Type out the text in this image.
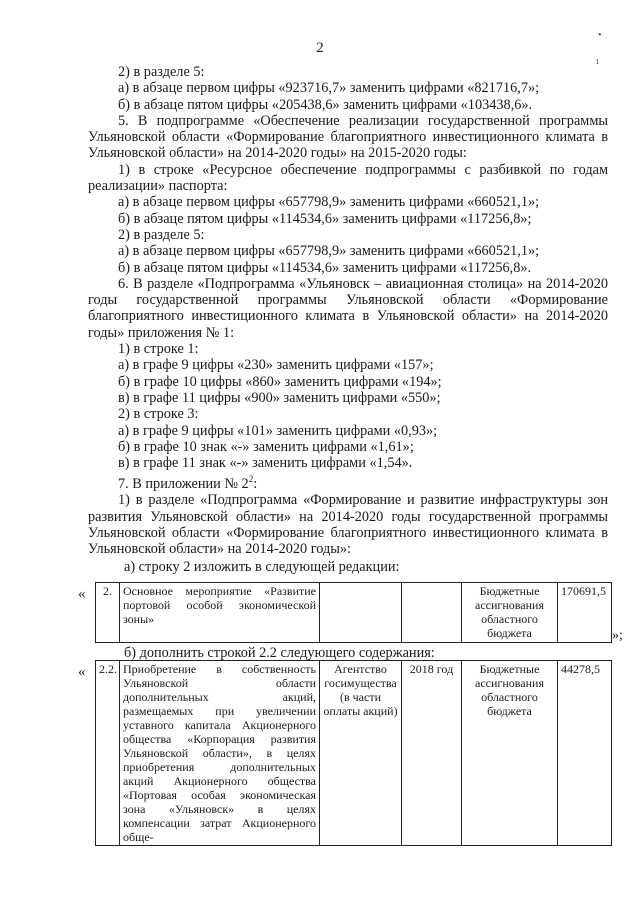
2
•
ı
2) в разделе 5:
а) в абзаце первом цифры «923716,7» заменить цифрами «821716,7»;
б) в абзаце пятом цифры «205438,6» заменить цифрами «103438,6».
5. В подпрограмме «Обеспечение реализации государственной программы Ульяновской области «Формирование благоприятного инвестиционного климата в Ульяновской области» на 2014-2020 годы» на 2015-2020 годы:
1) в строке «Ресурсное обеспечение подпрограммы с разбивкой по годам реализации» паспорта:
а) в абзаце первом цифры «657798,9» заменить цифрами «660521,1»;
б) в абзаце пятом цифры «114534,6» заменить цифрами «117256,8»;
2) в разделе 5:
а) в абзаце первом цифры «657798,9» заменить цифрами «660521,1»;
б) в абзаце пятом цифры «114534,6» заменить цифрами «117256,8».
6. В разделе «Подпрограмма «Ульяновск – авиационная столица» на 2014-2020 годы государственной программы Ульяновской области «Формирование благоприятного инвестиционного климата в Ульяновской области» на 2014-2020 годы» приложения № 1:
1) в строке 1:
а) в графе 9 цифры «230» заменить цифрами «157»;
б) в графе 10 цифры «860» заменить цифрами «194»;
в) в графе 11 цифры «900» заменить цифрами «550»;
2) в строке 3:
а) в графе 9 цифры «101» заменить цифрами «0,93»;
б) в графе 10 знак «-» заменить цифрами «1,61»;
в) в графе 11 знак «-» заменить цифрами «1,54».
7. В приложении № $2^2$:
1) в разделе «Подпрограмма «Формирование и развитие инфраструктуры зон развития Ульяновской области» на 2014-2020 годы государственной программы Ульяновской области «Формирование благоприятного инвестиционного климата в Ульяновской области» на 2014-2020 годы»:
а) строку 2 изложить в следующей редакции:
« 2.	Основное мероприятие «Развитие портовой особой экономической зоны»			Бюджетные ассигнования областного бюджета	170691,5
»;
б) дополнить строкой 2.2 следующего содержания:
« 2.2.	Приобретение в собственность Ульяновской области дополнительных акций, размещаемых при увеличении уставного капитала Акционерного общества «Корпорация развития Ульяновской области», в целях приобретения дополнительных акций Акционерного общества «Портовая особая экономическая зона «Ульяновск» в целях компенсации затрат Акционерного обще-	Агентство госимущества (в части оплаты акций)	2018 год	Бюджетные ассигнования областного бюджета	44278,5
